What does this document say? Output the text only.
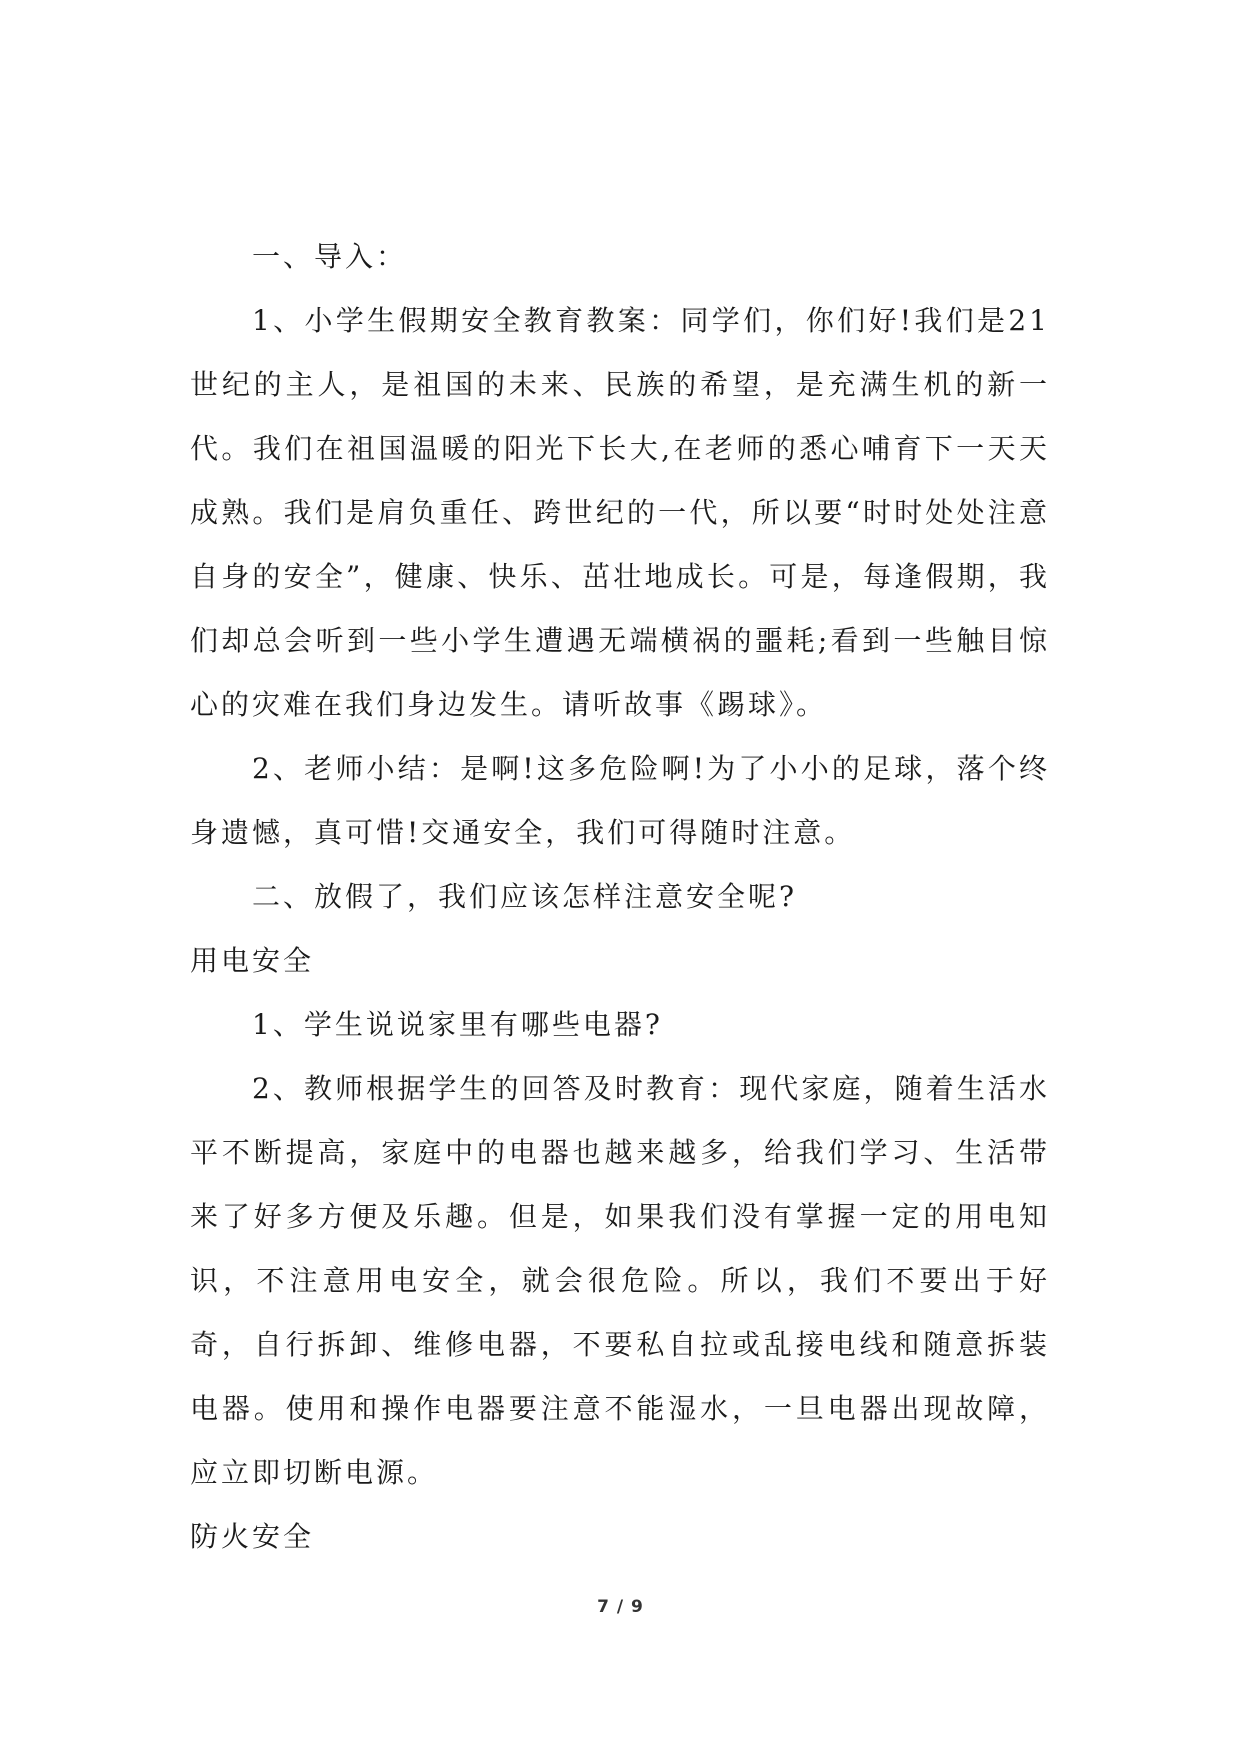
一、导入：

1、小学生假期安全教育教案：同学们，你们好!我们是21世纪的主人，是祖国的未来、民族的希望，是充满生机的新一代。我们在祖国温暖的阳光下长大,在老师的悉心哺育下一天天成熟。我们是肩负重任、跨世纪的一代，所以要“时时处处注意自身的安全”，健康、快乐、茁壮地成长。可是，每逢假期，我们却总会听到一些小学生遭遇无端横祸的噩耗;看到一些触目惊心的灾难在我们身边发生。请听故事《踢球》。

2、老师小结：是啊!这多危险啊!为了小小的足球，落个终身遗憾，真可惜!交通安全，我们可得随时注意。

二、放假了，我们应该怎样注意安全呢?

用电安全

1、学生说说家里有哪些电器?

2、教师根据学生的回答及时教育：现代家庭，随着生活水平不断提高，家庭中的电器也越来越多，给我们学习、生活带来了好多方便及乐趣。但是，如果我们没有掌握一定的用电知识，不注意用电安全，就会很危险。所以，我们不要出于好奇，自行拆卸、维修电器，不要私自拉或乱接电线和随意拆装电器。使用和操作电器要注意不能湿水，一旦电器出现故障，应立即切断电源。

防火安全

7 / 9
